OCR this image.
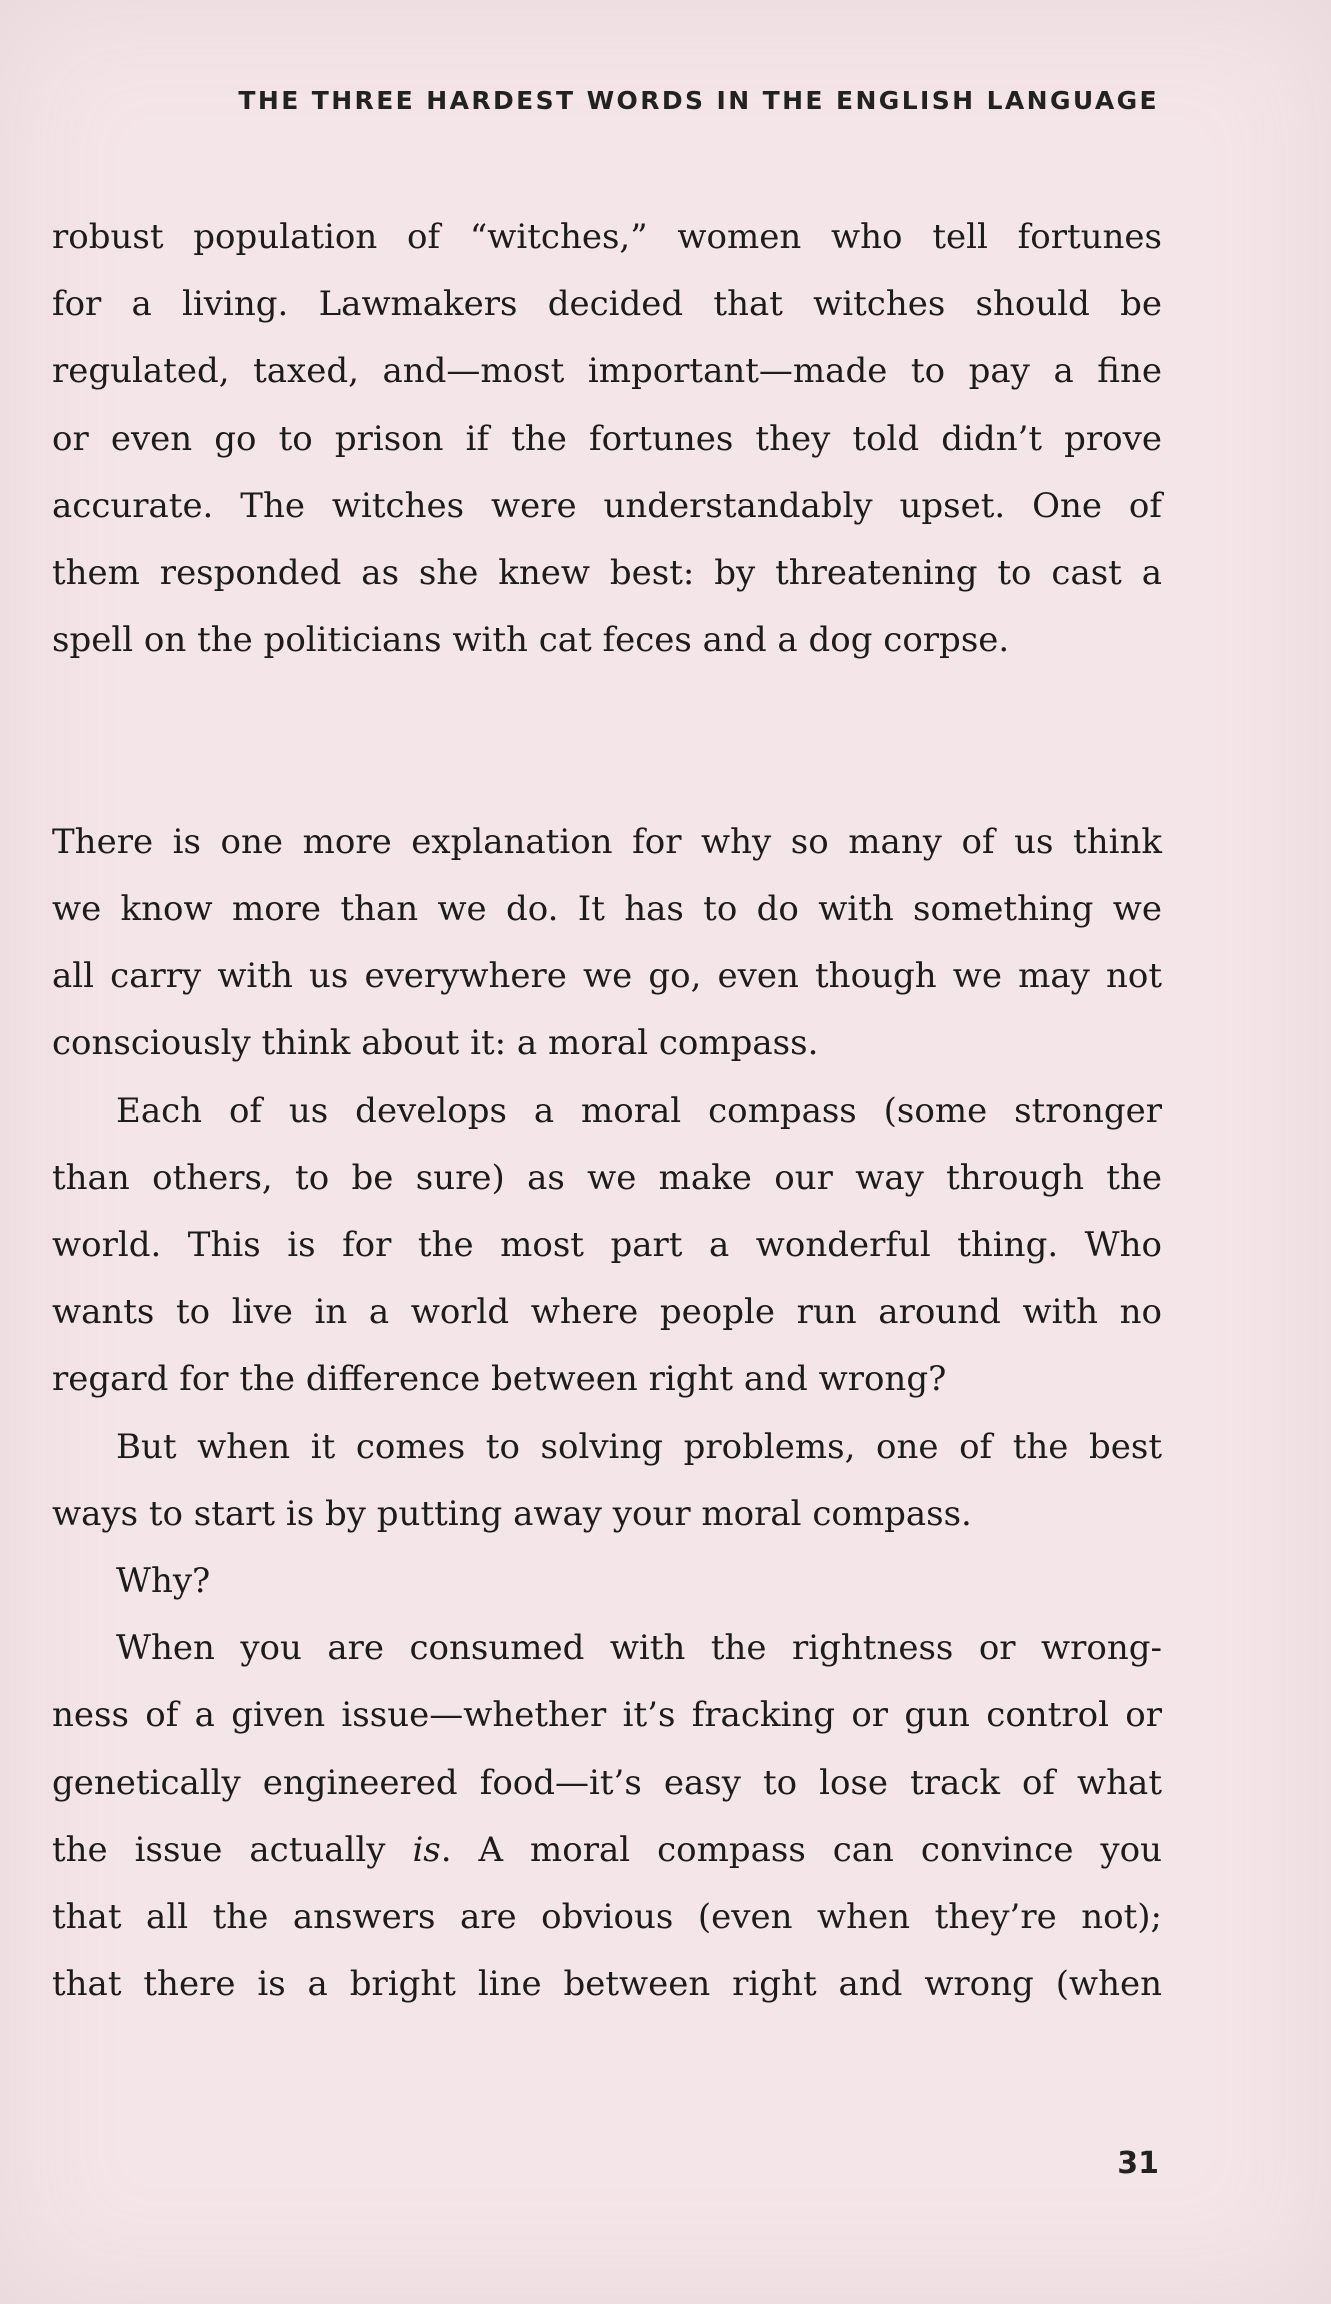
THE THREE HARDEST WORDS IN THE ENGLISH LANGUAGE
robust population of “witches,” women who tell fortunes
for a living. Lawmakers decided that witches should be
regulated, taxed, and—most important—made to pay a fine
or even go to prison if the fortunes they told didn’t prove
accurate. The witches were understandably upset. One of
them responded as she knew best: by threatening to cast a
spell on the politicians with cat feces and a dog corpse.
There is one more explanation for why so many of us think
we know more than we do. It has to do with something we
all carry with us everywhere we go, even though we may not
consciously think about it: a moral compass.
Each of us develops a moral compass (some stronger
than others, to be sure) as we make our way through the
world. This is for the most part a wonderful thing. Who
wants to live in a world where people run around with no
regard for the difference between right and wrong?
But when it comes to solving problems, one of the best
ways to start is by putting away your moral compass.
Why?
When you are consumed with the rightness or wrong-
ness of a given issue—whether it’s fracking or gun control or
genetically engineered food—it’s easy to lose track of what
the issue actually is. A moral compass can convince you
that all the answers are obvious (even when they’re not);
that there is a bright line between right and wrong (when
31
